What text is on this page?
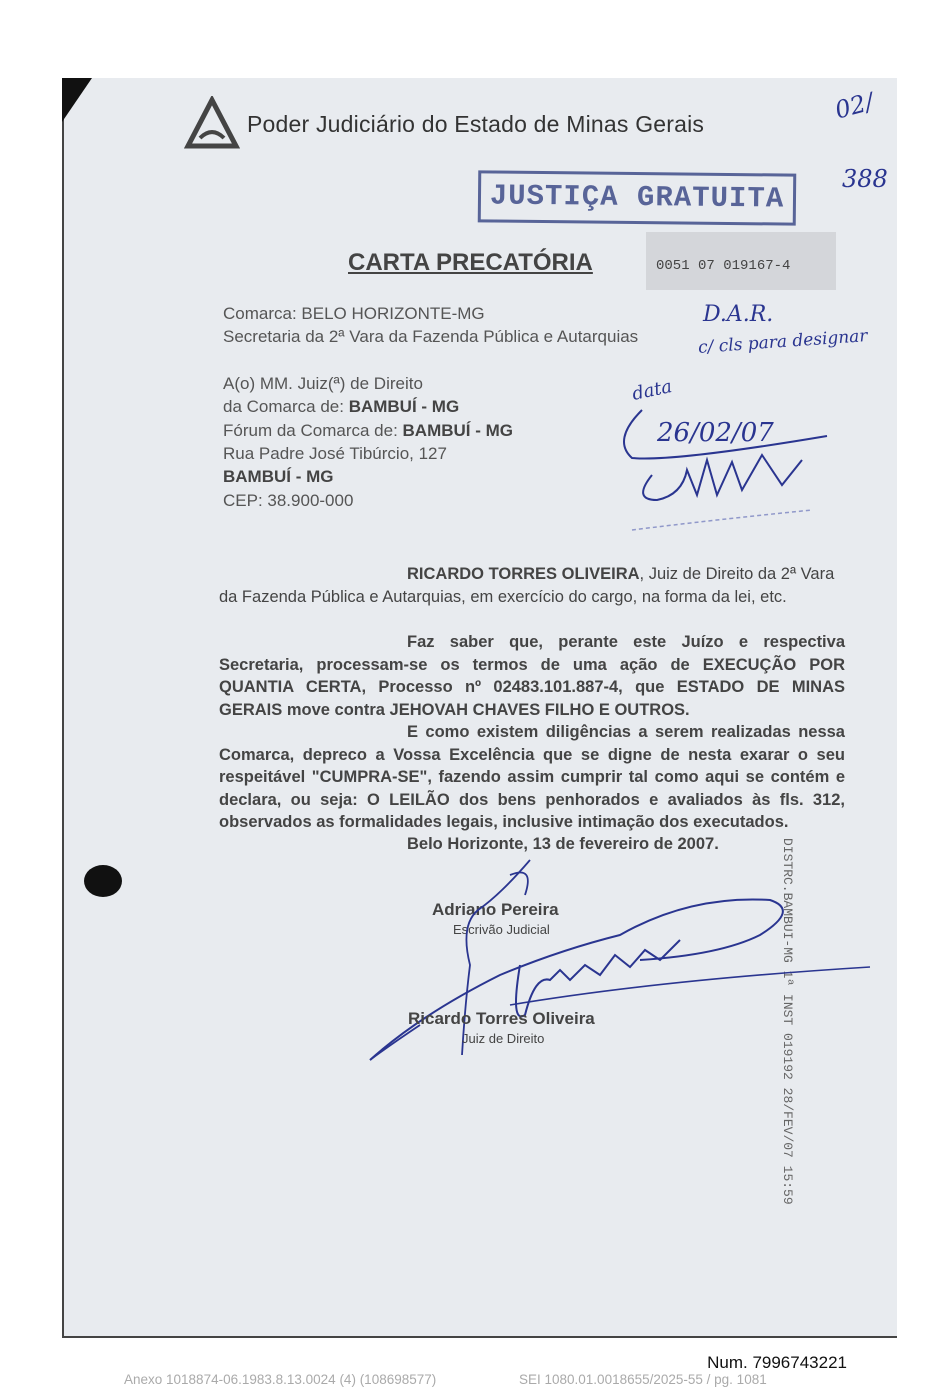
Poder Judiciário do Estado de Minas Gerais	02/
388
JUSTIÇA GRATUITA
CARTA PRECATÓRIA	0051 07 019167-4
Comarca: BELO HORIZONTE-MG
Secretaria da 2ª Vara da Fazenda Pública e Autarquias
D.A.R.
c/ cls para designar
A(o) MM. Juiz(ª) de Direito
da Comarca de: BAMBUÍ - MG
Fórum da Comarca de: BAMBUÍ - MG
Rua Padre José Tibúrcio, 127
BAMBUÍ - MG
CEP: 38.900-000
data
26/02/07
RICARDO TORRES OLIVEIRA, Juiz de Direito da 2ª Vara da Fazenda Pública e Autarquias, em exercício do cargo, na forma da lei, etc.
Faz saber que, perante este Juízo e respectiva Secretaria, processam-se os termos de uma ação de EXECUÇÃO POR QUANTIA CERTA, Processo nº 02483.101.887-4, que ESTADO DE MINAS GERAIS move contra JEHOVAH CHAVES FILHO E OUTROS.
E como existem diligências a serem realizadas nessa Comarca, depreco a Vossa Excelência que se digne de nesta exarar o seu respeitável "CUMPRA-SE", fazendo assim cumprir tal como aqui se contém e declara, ou seja: O LEILÃO dos bens penhorados e avaliados às fls. 312, observados as formalidades legais, inclusive intimação dos executados.
Belo Horizonte, 13 de fevereiro de 2007.	DISTRC.BAMBUI-MG 1ª INST 019192 28/FEV/07 15:59
Adriano Pereira
Escrivão Judicial
Ricardo Torres Oliveira
Juiz de Direito
Num. 7996743221
Anexo 1018874-06.1983.8.13.0024 (4) (108698577)	SEI 1080.01.0018655/2025-55 / pg. 1081
